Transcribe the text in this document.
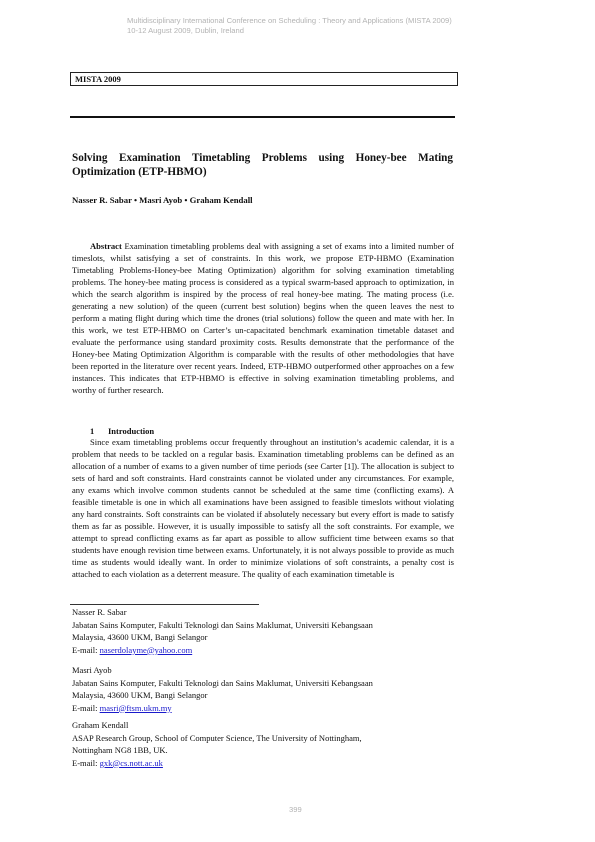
Multidisciplinary International Conference on Scheduling : Theory and Applications (MISTA 2009)
10-12 August 2009, Dublin, Ireland
MISTA 2009
Solving Examination Timetabling Problems using Honey-bee Mating Optimization (ETP-HBMO)
Nasser R. Sabar • Masri Ayob • Graham Kendall

Abstract Examination timetabling problems deal with assigning a set of exams into a limited number of timeslots, whilst satisfying a set of constraints. In this work, we propose ETP-HBMO (Examination Timetabling Problems-Honey-bee Mating Optimization) algorithm for solving examination timetabling problems. The honey-bee mating process is considered as a typical swarm-based approach to optimization, in which the search algorithm is inspired by the process of real honey-bee mating. The mating process (i.e. generating a new solution) of the queen (current best solution) begins when the queen leaves the nest to perform a mating flight during which time the drones (trial solutions) follow the queen and mate with her. In this work, we test ETP-HBMO on Carter’s un-capacitated benchmark examination timetable dataset and evaluate the performance using standard proximity costs. Results demonstrate that the performance of the Honey-bee Mating Optimization Algorithm is comparable with the results of other methodologies that have been reported in the literature over recent years. Indeed, ETP-HBMO outperformed other approaches on a few instances. This indicates that ETP-HBMO is effective in solving examination timetabling problems, and worthy of further research.

1 Introduction

Since exam timetabling problems occur frequently throughout an institution’s academic calendar, it is a problem that needs to be tackled on a regular basis. Examination timetabling problems can be defined as an allocation of a number of exams to a given number of time periods (see Carter [1]). The allocation is subject to sets of hard and soft constraints. Hard constraints cannot be violated under any circumstances. For example, any exams which involve common students cannot be scheduled at the same time (conflicting exams). A feasible timetable is one in which all examinations have been assigned to feasible timeslots without violating any hard constraints. Soft constraints can be violated if absolutely necessary but every effort is made to satisfy them as far as possible. However, it is usually impossible to satisfy all the soft constraints. For example, we attempt to spread conflicting exams as far apart as possible to allow sufficient time between exams so that students have enough revision time between exams. Unfortunately, it is not always possible to provide as much time as students would ideally want. In order to minimize violations of soft constraints, a penalty cost is attached to each violation as a deterrent measure. The quality of each examination timetable is

Nasser R. Sabar
Jabatan Sains Komputer, Fakulti Teknologi dan Sains Maklumat, Universiti Kebangsaan
Malaysia, 43600 UKM, Bangi Selangor
E-mail: naserdolayme@yahoo.com
Masri Ayob
Jabatan Sains Komputer, Fakulti Teknologi dan Sains Maklumat, Universiti Kebangsaan
Malaysia, 43600 UKM, Bangi Selangor
E-mail: masri@ftsm.ukm.my
Graham Kendall
ASAP Research Group, School of Computer Science, The University of Nottingham,
Nottingham NG8 1BB, UK.
E-mail: gxk@cs.nott.ac.uk
399
